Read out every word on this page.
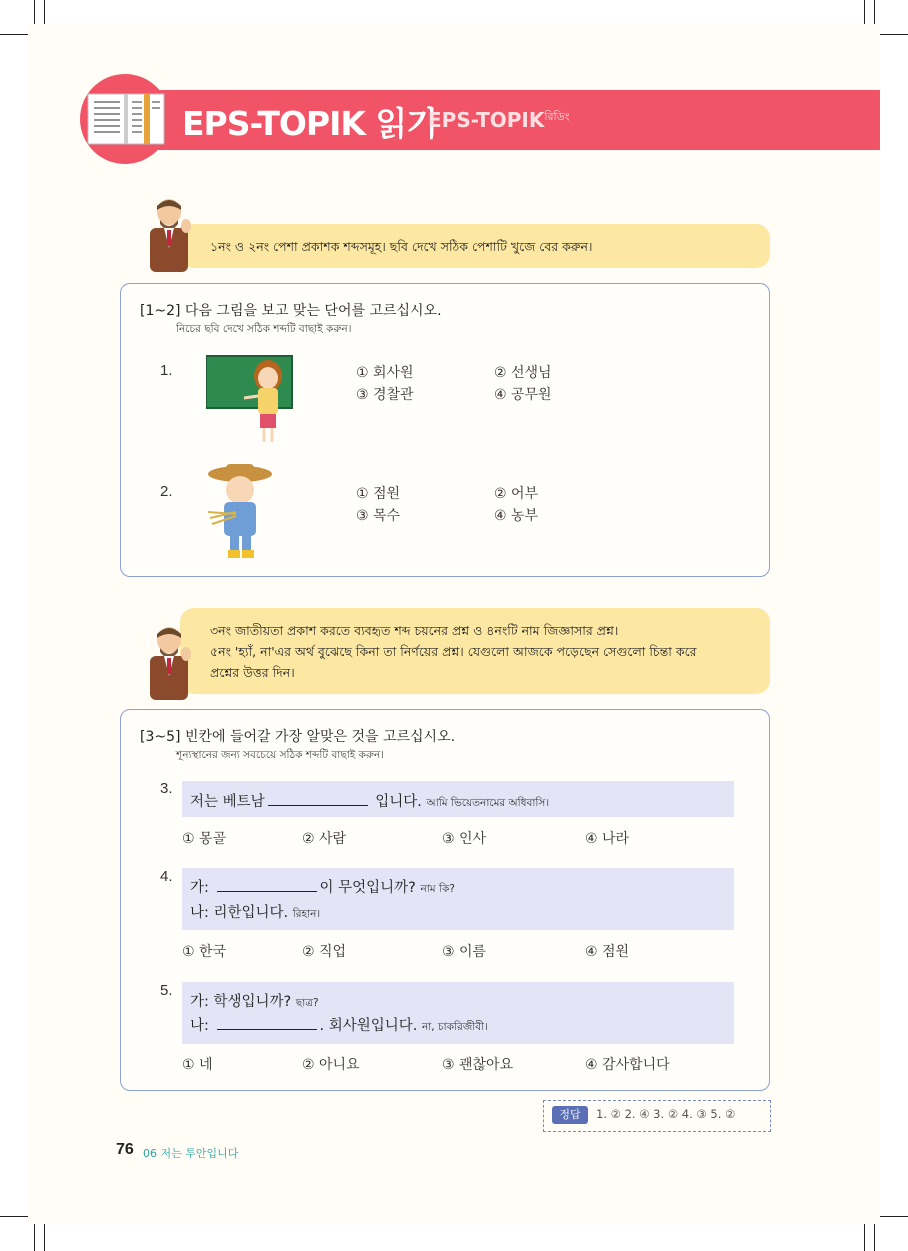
EPS-TOPIK 읽기
EPS-$TOPIK^{রিডিং}$
১নং ও ২নং পেশা প্রকাশক শব্দসমূহ। ছবি দেখে সঠিক পেশাটি খুজে বের করুন।
[1~2] 다음 그림을 보고 맞는 단어를 고르십시오.
নিচের ছবি দেখে সঠিক শব্দটি বাছাই করুন।
1.	① 회사원	② 선생님
③ 경찰관	④ 공무원
2.	① 점원	② 어부
③ 목수	④ 농부
৩নং জাতীয়তা প্রকাশ করতে ব্যবহৃত শব্দ চয়নের প্রশ্ন ও ৪নংটি নাম জিজ্ঞাসার প্রশ্ন।
৫নং 'হ্যাঁ, না'এর অর্থ বুঝেছে কিনা তা নির্ণয়ের প্রশ্ন। যেগুলো আজকে পড়েছেন সেগুলো চিন্তা করে
প্রশ্নের উত্তর দিন।
[3~5] 빈칸에 들어갈 가장 알맞은 것을 고르십시오.
শূন্যস্থানের জন্য সবচেয়ে সঠিক শব্দটি বাছাই করুন।
3.
저는 베트남	입니다. আমি ভিয়েতনামের অধিবাসি।
① 몽골	② 사람	③ 인사	④ 나라
4.
가:	이 무엇입니까? নাম কি?
나: 리한입니다. রিহান।
① 한국	② 직업	③ 이름	④ 점원
5.
가: 학생입니까? ছাত্র?
나:	. 회사원입니다. না, চাকরিজীবী।
① 네	② 아니요	③ 괜찮아요	④ 감사합니다
정답	1. ② 2. ④ 3. ② 4. ③ 5. ②
76 06 저는 투안입니다
